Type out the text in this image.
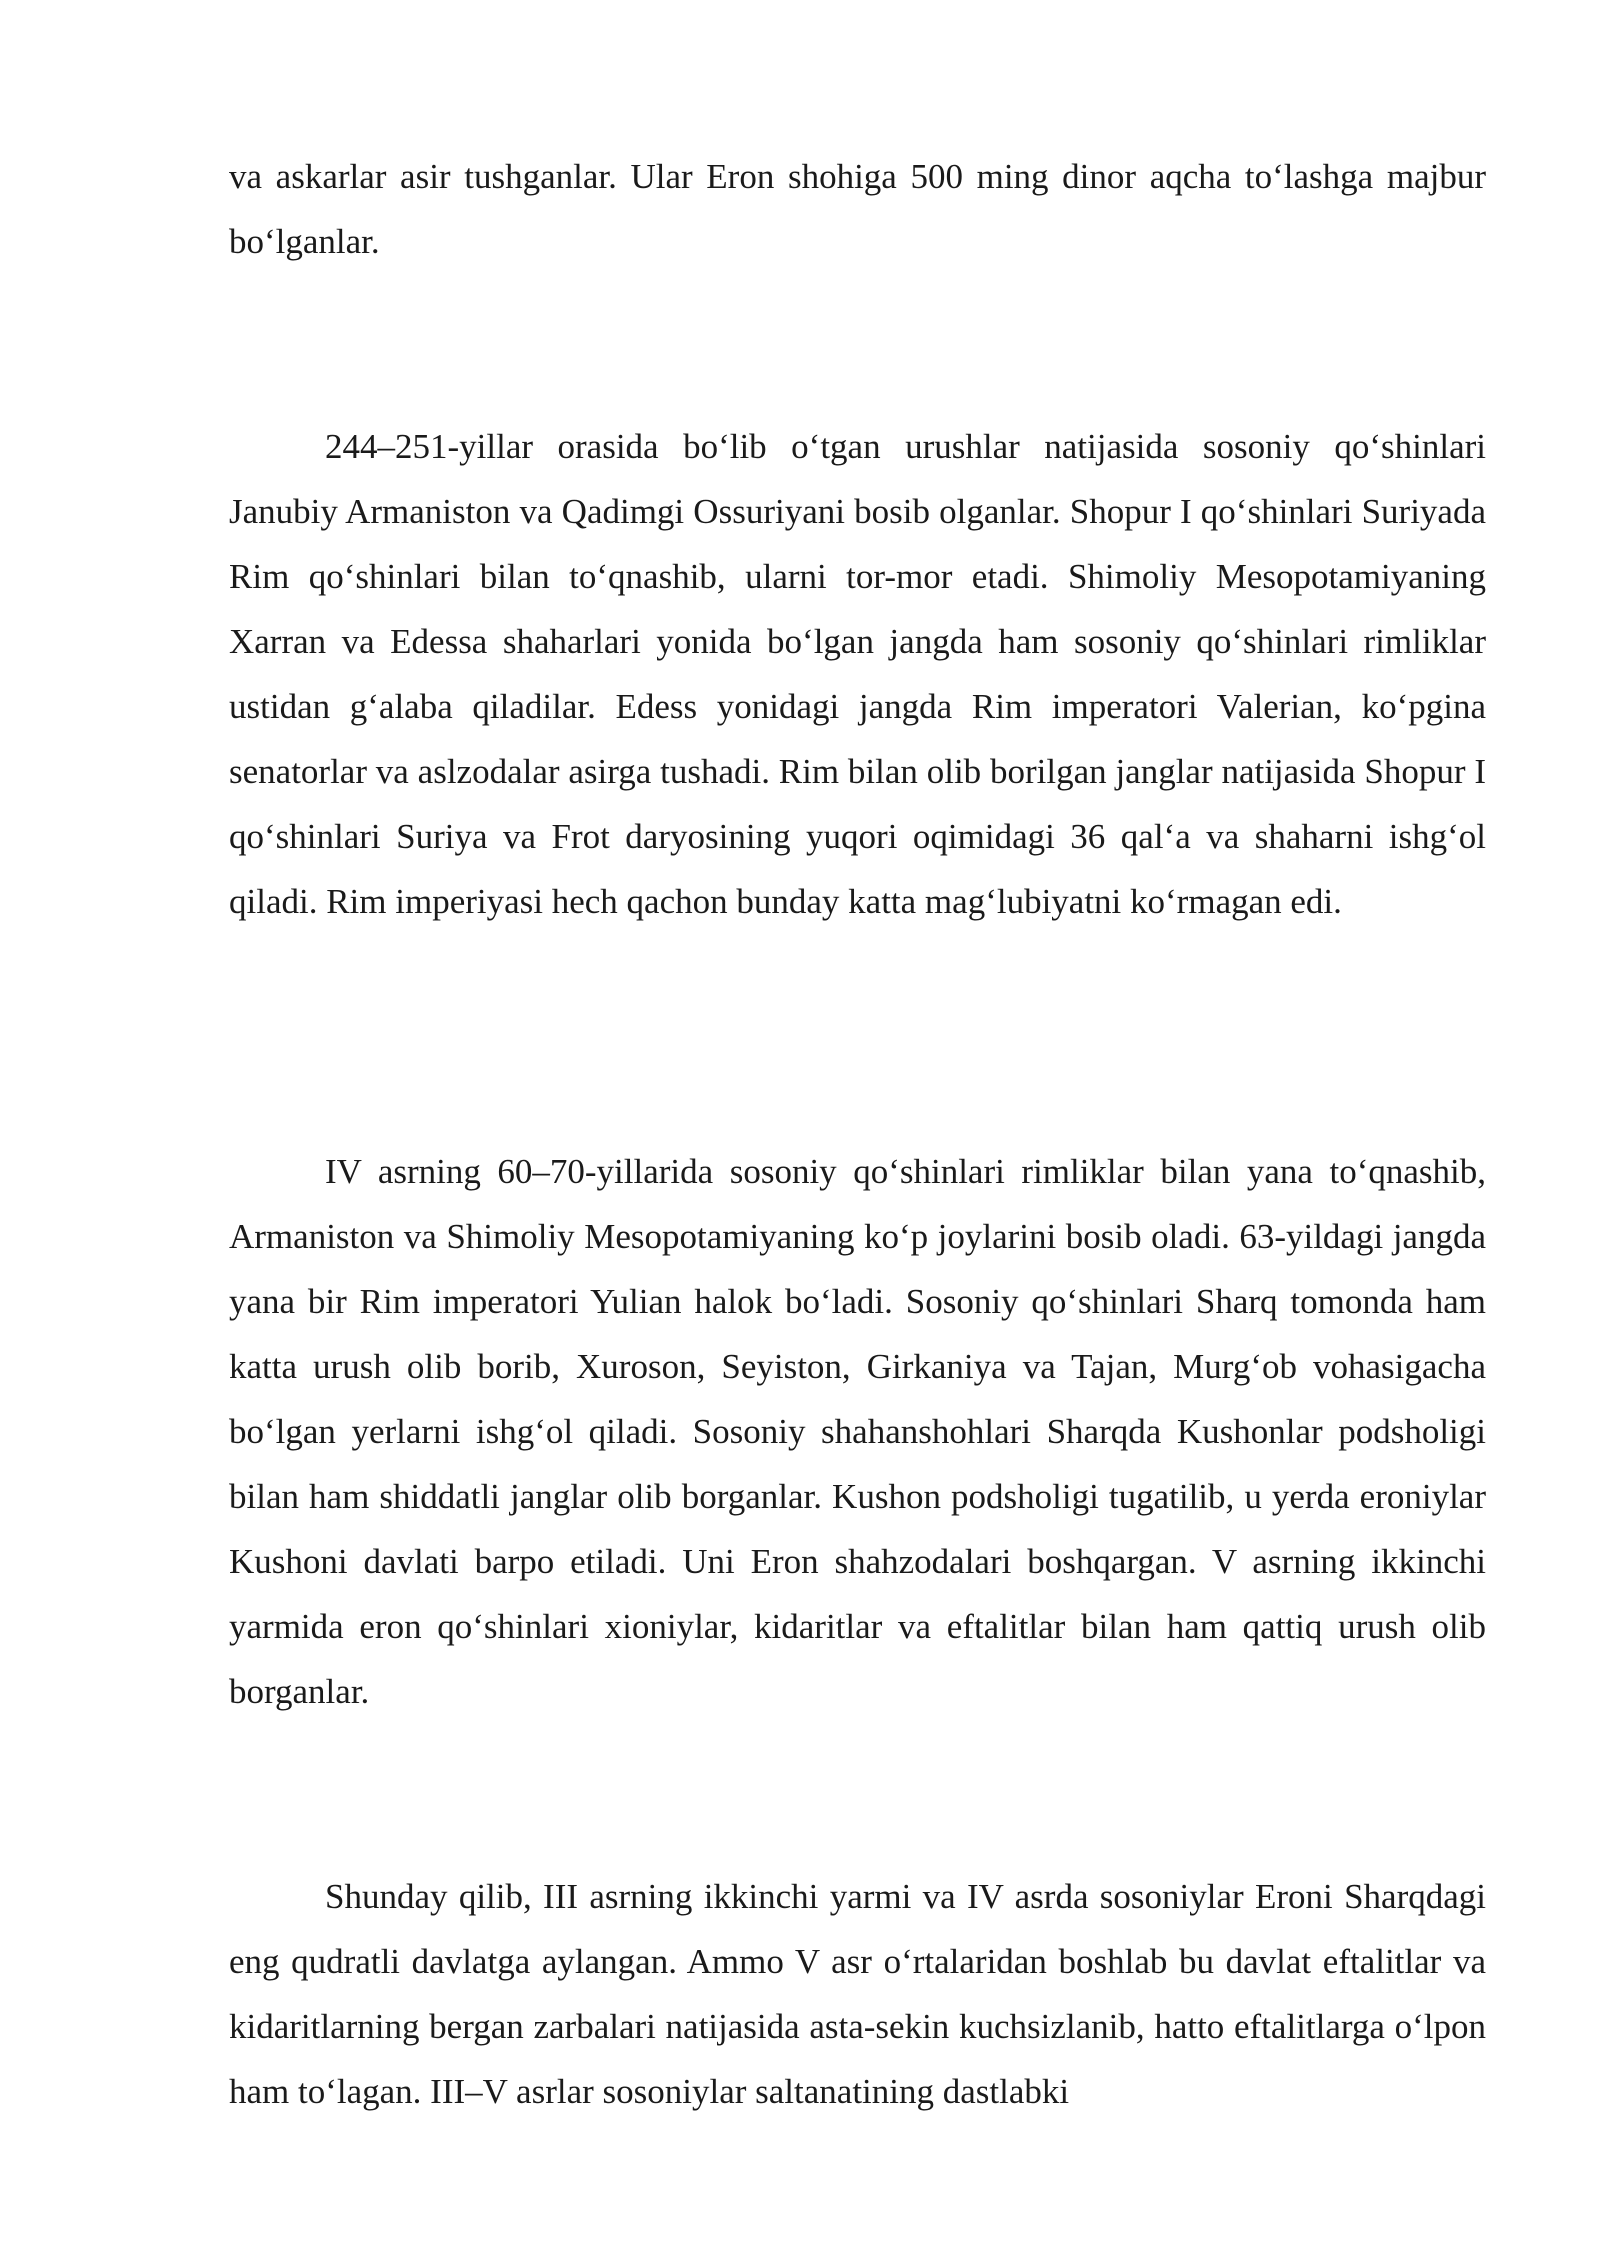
va askarlar asir tushganlar. Ular Eron shohiga 500 ming dinor aqcha to‘lashga majbur bo‘lganlar.

244–251-yillar orasida bo‘lib o‘tgan urushlar natijasida sosoniy qo‘shinlari Janubiy Armaniston va Qadimgi Ossuriyani bosib olganlar. Shopur I qo‘shinlari Suriyada Rim qo‘shinlari bilan to‘qnashib, ularni tor-mor etadi. Shimoliy Mesopotamiyaning Xarran va Edessa shaharlari yonida bo‘lgan jangda ham sosoniy qo‘shinlari rimliklar ustidan g‘alaba qiladilar. Edess yonidagi jangda Rim imperatori Valerian, ko‘pgina senatorlar va aslzodalar asirga tushadi. Rim bilan olib borilgan janglar natijasida Shopur I qo‘shinlari Suriya va Frot daryosining yuqori oqimidagi 36 qal‘a va shaharni ishg‘ol qiladi. Rim imperiyasi hech qachon bunday katta mag‘lubiyatni ko‘rmagan edi.

IV asrning 60–70-yillarida sosoniy qo‘shinlari rimliklar bilan yana to‘qnashib, Armaniston va Shimoliy Mesopotamiyaning ko‘p joylarini bosib oladi. 63-yildagi jangda yana bir Rim imperatori Yulian halok bo‘ladi. Sosoniy qo‘shinlari Sharq tomonda ham katta urush olib borib, Xuroson, Seyiston, Girkaniya va Tajan, Murg‘ob vohasigacha bo‘lgan yerlarni ishg‘ol qiladi. Sosoniy shahanshohlari Sharqda Kushonlar podsholigi bilan ham shiddatli janglar olib borganlar. Kushon podsholigi tugatilib, u yerda eroniylar Kushoni davlati barpo etiladi. Uni Eron shahzodalari boshqargan. V asrning ikkinchi yarmida eron qo‘shinlari xioniylar, kidaritlar va eftalitlar bilan ham qattiq urush olib borganlar.

Shunday qilib, III asrning ikkinchi yarmi va IV asrda sosoniylar Eroni Sharqdagi eng qudratli davlatga aylangan. Ammo V asr o‘rtalaridan boshlab bu davlat eftalitlar va kidaritlarning bergan zarbalari natijasida asta-sekin kuchsizlanib, hatto eftalitlarga o‘lpon ham to‘lagan. III–V asrlar sosoniylar saltanatining dastlabki
